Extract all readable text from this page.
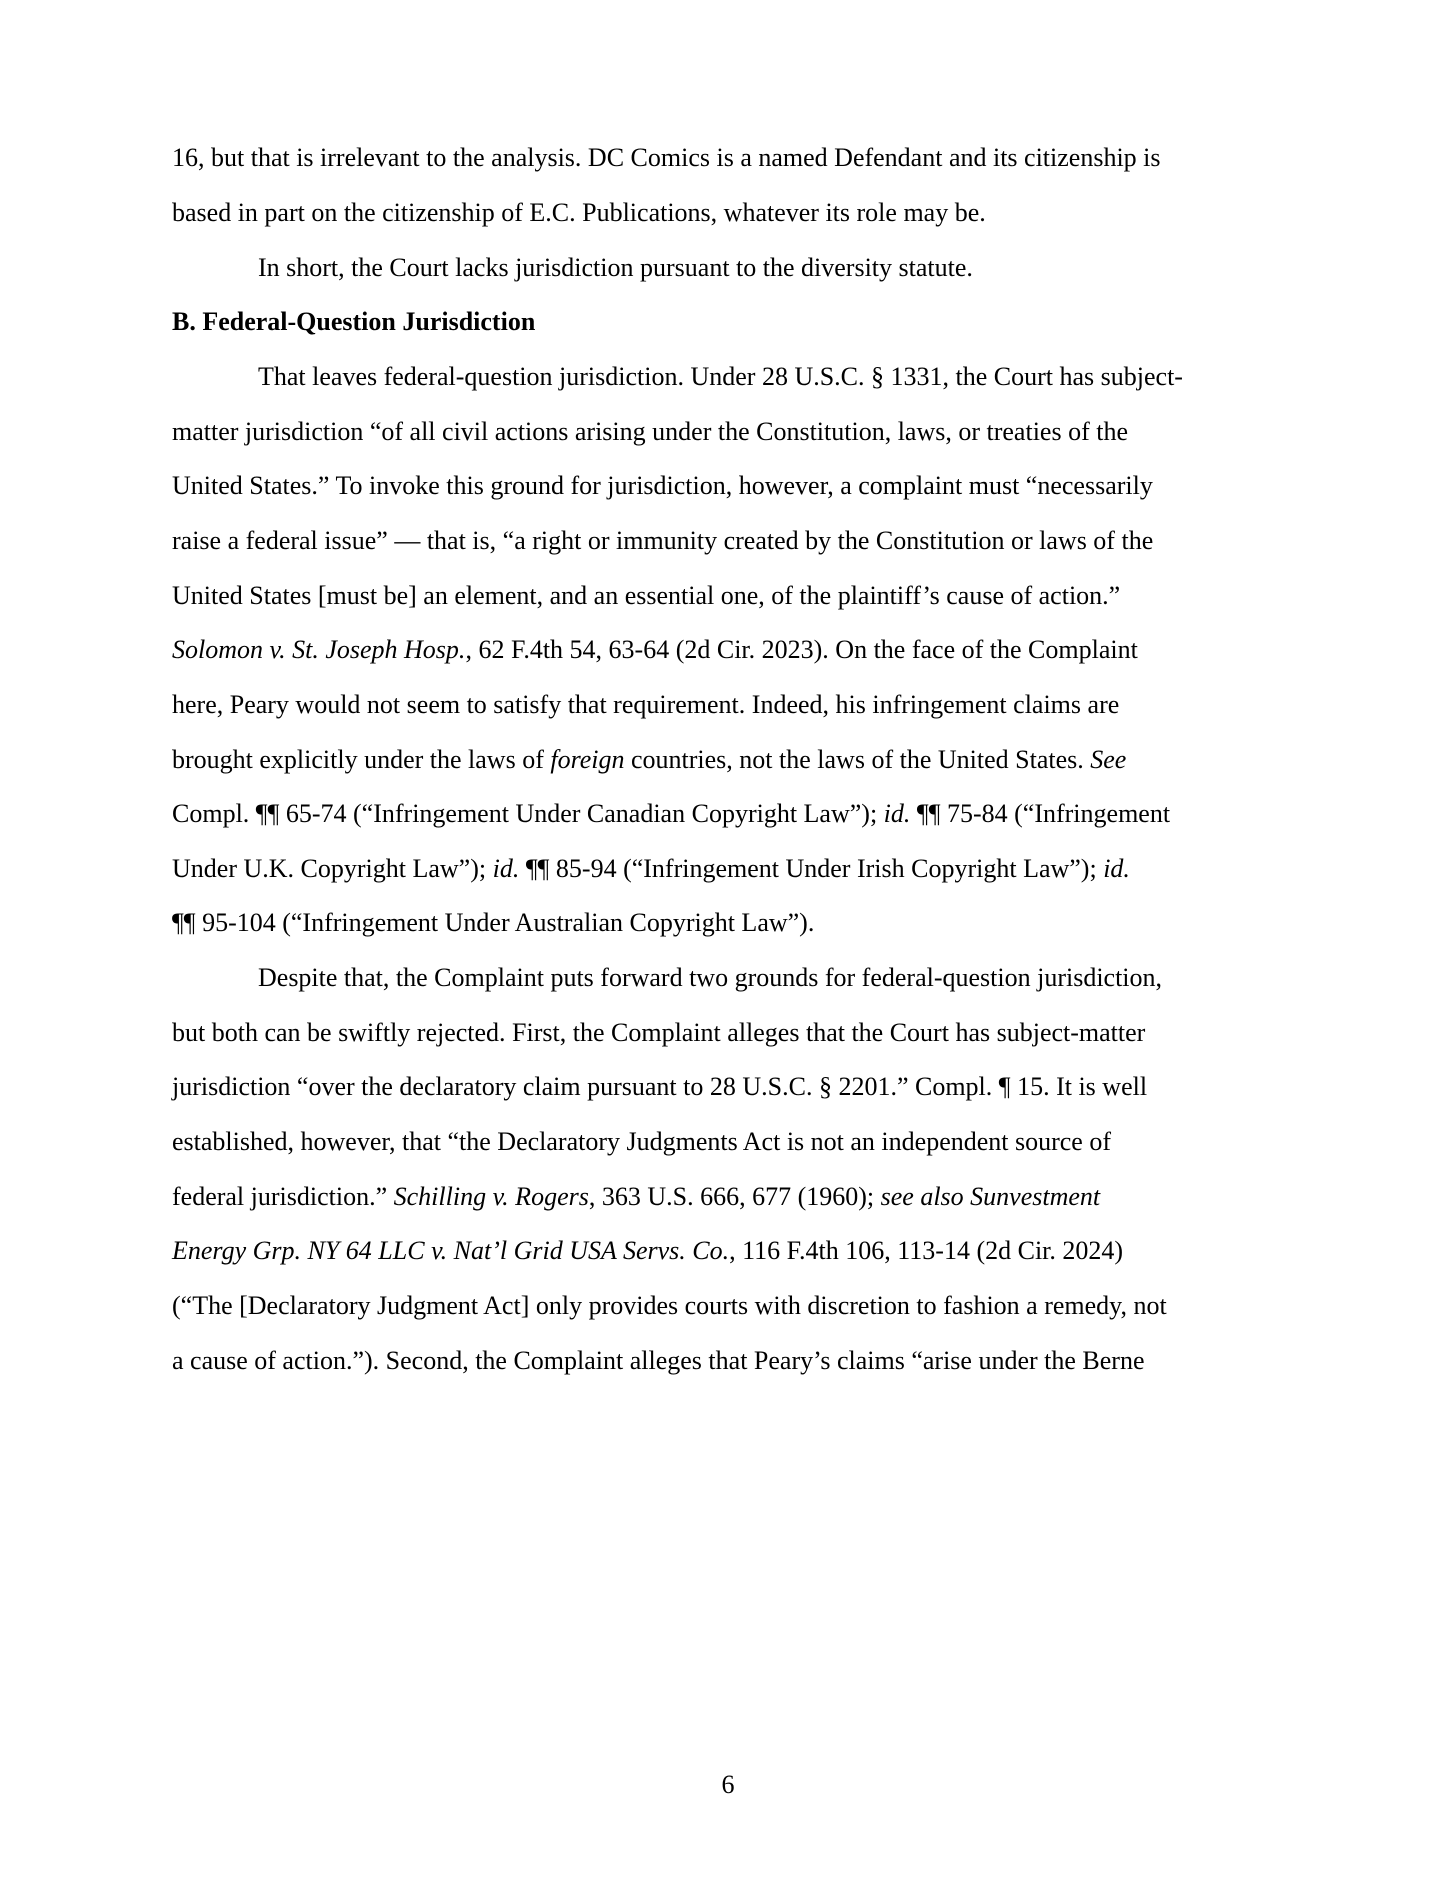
16, but that is irrelevant to the analysis. DC Comics is a named Defendant and its citizenship is
based in part on the citizenship of E.C. Publications, whatever its role may be.
In short, the Court lacks jurisdiction pursuant to the diversity statute.
B. Federal-Question Jurisdiction
That leaves federal-question jurisdiction. Under 28 U.S.C. § 1331, the Court has subject-
matter jurisdiction “of all civil actions arising under the Constitution, laws, or treaties of the
United States.” To invoke this ground for jurisdiction, however, a complaint must “necessarily
raise a federal issue” — that is, “a right or immunity created by the Constitution or laws of the
United States [must be] an element, and an essential one, of the plaintiff’s cause of action.”
Solomon v. St. Joseph Hosp., 62 F.4th 54, 63-64 (2d Cir. 2023). On the face of the Complaint
here, Peary would not seem to satisfy that requirement. Indeed, his infringement claims are
brought explicitly under the laws of foreign countries, not the laws of the United States. See
Compl. ¶¶ 65-74 (“Infringement Under Canadian Copyright Law”); id. ¶¶ 75-84 (“Infringement
Under U.K. Copyright Law”); id. ¶¶ 85-94 (“Infringement Under Irish Copyright Law”); id.
¶¶ 95-104 (“Infringement Under Australian Copyright Law”).
Despite that, the Complaint puts forward two grounds for federal-question jurisdiction,
but both can be swiftly rejected. First, the Complaint alleges that the Court has subject-matter
jurisdiction “over the declaratory claim pursuant to 28 U.S.C. § 2201.” Compl. ¶ 15. It is well
established, however, that “the Declaratory Judgments Act is not an independent source of
federal jurisdiction.” Schilling v. Rogers, 363 U.S. 666, 677 (1960); see also Sunvestment
Energy Grp. NY 64 LLC v. Nat’l Grid USA Servs. Co., 116 F.4th 106, 113-14 (2d Cir. 2024)
(“The [Declaratory Judgment Act] only provides courts with discretion to fashion a remedy, not
a cause of action.”). Second, the Complaint alleges that Peary’s claims “arise under the Berne
6
